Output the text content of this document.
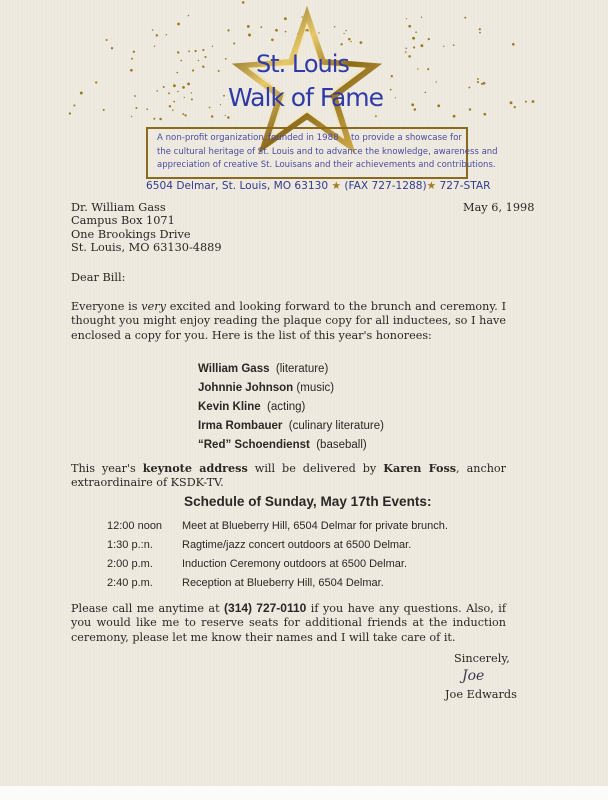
St. Louis
Walk of Fame
A non-profit organization, founded in 1988 to provide a showcase for
the cultural heritage of St. Louis and to advance the knowledge, awareness and
appreciation of creative St. Louisans and their achievements and contributions.
6504 Delmar, St. Louis, MO 63130 ★ (FAX 727-1288)★ 727-STAR
Dr. William Gass
Campus Box 1071
One Brookings Drive
St. Louis, MO 63130-4889
May 6, 1998
Dear Bill:
Everyone is very excited and looking forward to the brunch and ceremony. I thought you might enjoy reading the plaque copy for all inductees, so I have enclosed a copy for you. Here is the list of this year's honorees:
William Gass (literature)
Johnnie Johnson (music)
Kevin Kline (acting)
Irma Rombauer (culinary literature)
“Red” Schoendienst (baseball)
This year's keynote address will be delivered by Karen Foss, anchor extraordinaire of KSDK-TV.
Schedule of Sunday, May 17th Events:
12:00 noon Meet at Blueberry Hill, 6504 Delmar for private brunch.
1:30 p.:n.	Ragtime/jazz concert outdoors at 6500 Delmar.
2:00 p.m.	Induction Ceremony outdoors at 6500 Delmar.
2:40 p.m.	Reception at Blueberry Hill, 6504 Delmar.
Please call me anytime at (314) 727-0110 if you have any questions. Also, if you would like me to reserve seats for additional friends at the induction ceremony, please let me know their names and I will take care of it.
Sincerely,
Joe
Joe Edwards
